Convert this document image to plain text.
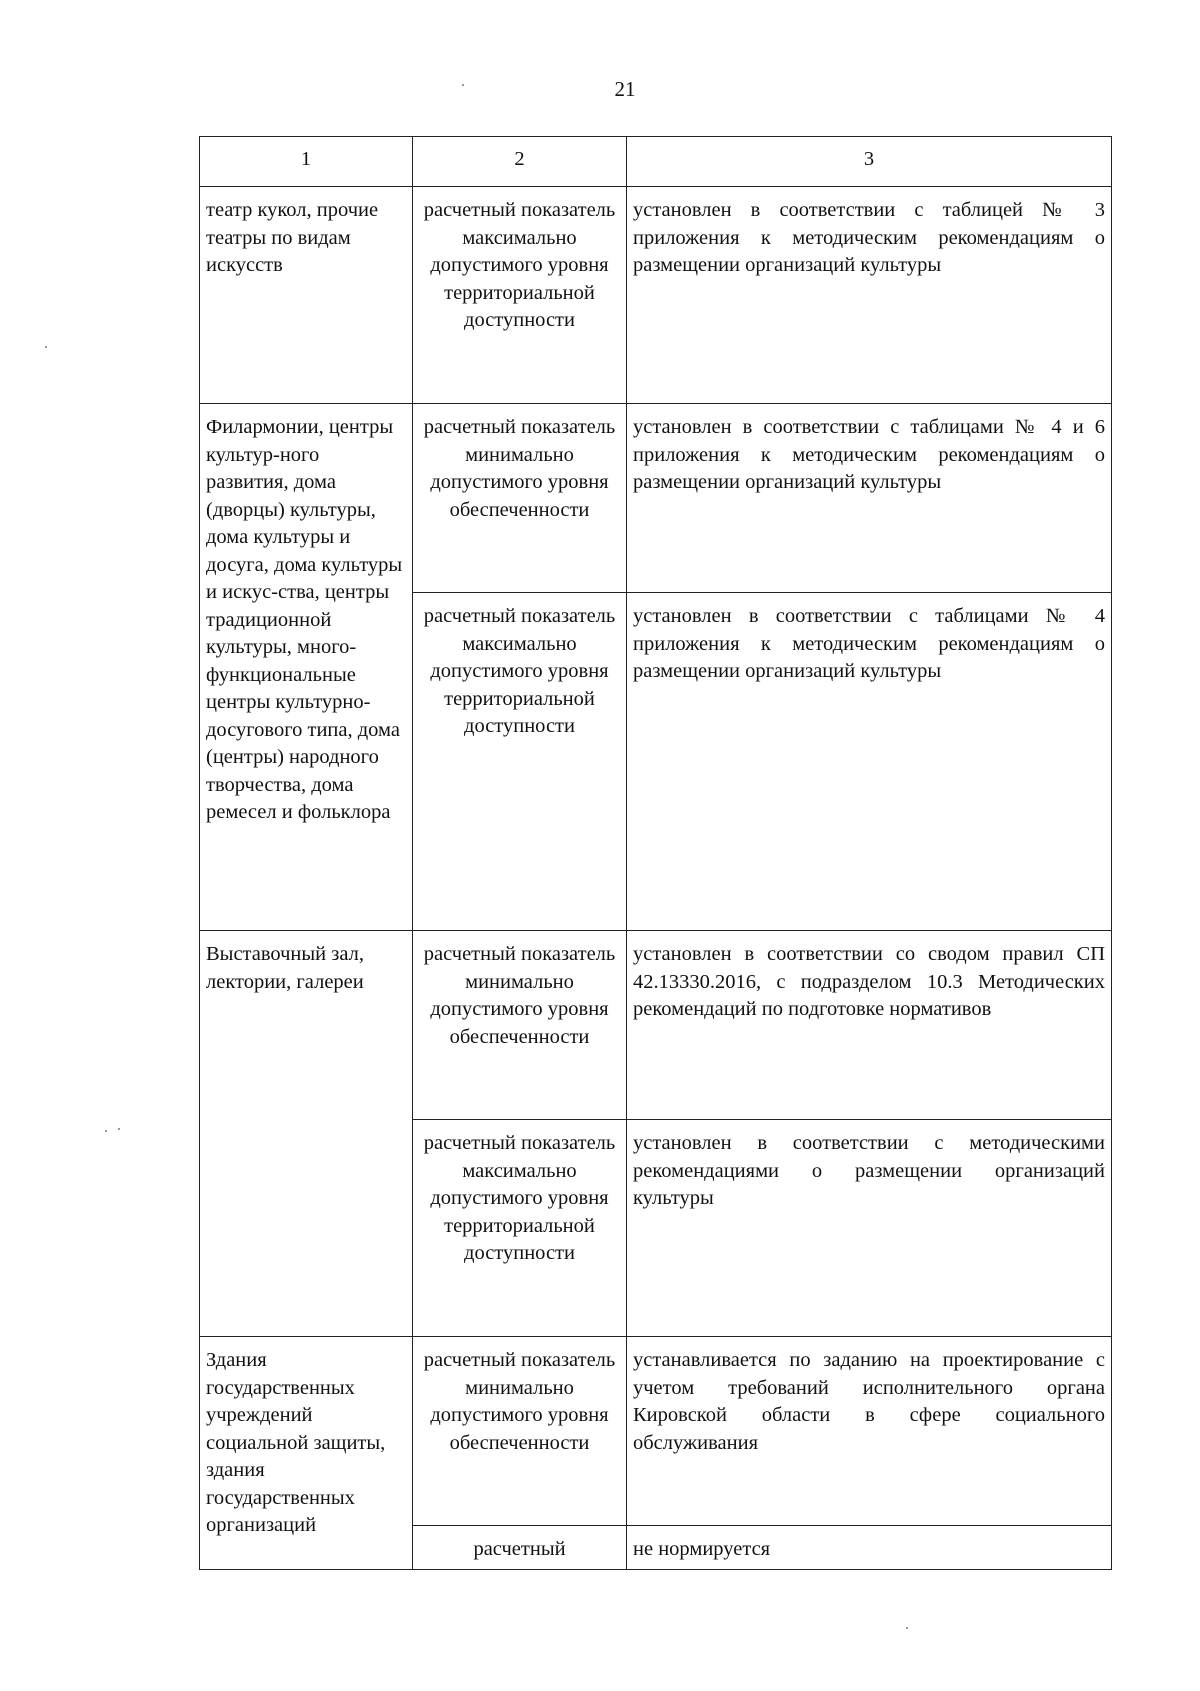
21
1	2	3
театр кукол, прочие театры по видам искусств	расчетный показатель максимально допустимого уровня территориальной доступности	установлен в соответствии с таблицей № 3 приложения к методическим рекомендациям о размещении организаций культуры
Филармонии, центры культур-ного развития, дома (дворцы) культуры, дома культуры и досуга, дома культуры и искус-ства, центры традиционной культуры, много-функциональные центры культурно-досугового типа, дома (центры) народного творчества, дома ремесел и фольклора	расчетный показатель минимально допустимого уровня обеспеченности	установлен в соответствии с таблицами № 4 и 6 приложения к методическим рекомендациям о размещении организаций культуры
	расчетный показатель максимально допустимого уровня территориальной доступности	установлен в соответствии с таблицами № 4 приложения к методическим рекомендациям о размещении организаций культуры
Выставочный зал, лектории, галереи	расчетный показатель минимально допустимого уровня обеспеченности	установлен в соответствии со сводом правил СП 42.13330.2016, с подразделом 10.3 Методических рекомендаций по подготовке нормативов
	расчетный показатель максимально допустимого уровня территориальной доступности	установлен в соответствии с методическими рекомендациями о размещении организаций культуры
Здания государственных учреждений социальной защиты, здания государственных организаций	расчетный показатель минимально допустимого уровня обеспеченности	устанавливается по заданию на проектирование с учетом требований исполнительного органа Кировской области в сфере социального обслуживания
	расчетный	не нормируется
